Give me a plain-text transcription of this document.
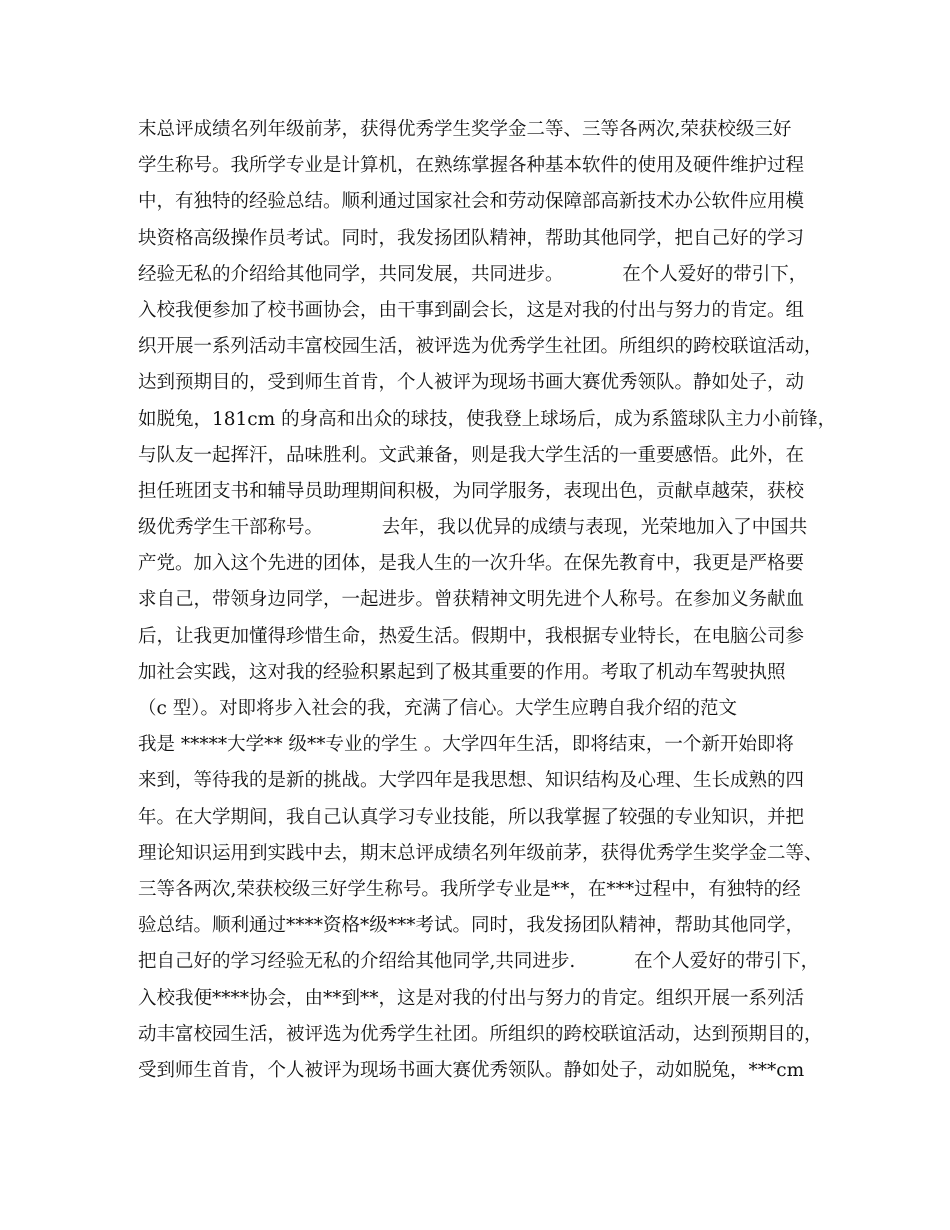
末总评成绩名列年级前茅，获得优秀学生奖学金二等、三等各两次,荣获校级三好
学生称号。我所学专业是计算机，在熟练掌握各种基本软件的使用及硬件维护过程
中，有独特的经验总结。顺利通过国家社会和劳动保障部高新技术办公软件应用模
块资格高级操作员考试。同时，我发扬团队精神，帮助其他同学，把自己好的学习
经验无私的介绍给其他同学，共同发展，共同进步。          在个人爱好的带引下，
入校我便参加了校书画协会，由干事到副会长，这是对我的付出与努力的肯定。组
织开展一系列活动丰富校园生活，被评选为优秀学生社团。所组织的跨校联谊活动，
达到预期目的，受到师生首肯，个人被评为现场书画大赛优秀领队。静如处子，动
如脱兔，181cm 的身高和出众的球技，使我登上球场后，成为系篮球队主力小前锋，
与队友一起挥汗，品味胜利。文武兼备，则是我大学生活的一重要感悟。此外，在
担任班团支书和辅导员助理期间积极，为同学服务，表现出色，贡献卓越荣，获校
级优秀学生干部称号。          去年，我以优异的成绩与表现，光荣地加入了中国共
产党。加入这个先进的团体，是我人生的一次升华。在保先教育中，我更是严格要
求自己，带领身边同学，一起进步。曾获精神文明先进个人称号。在参加义务献血
后，让我更加懂得珍惜生命，热爱生活。假期中，我根据专业特长，在电脑公司参
加社会实践，这对我的经验积累起到了极其重要的作用。考取了机动车驾驶执照
（c 型）。对即将步入社会的我，充满了信心。大学生应聘自我介绍的范文
我是 *****大学** 级**专业的学生 。大学四年生活，即将结束，一个新开始即将
来到，等待我的是新的挑战。大学四年是我思想、知识结构及心理、生长成熟的四
年。在大学期间，我自己认真学习专业技能，所以我掌握了较强的专业知识，并把
理论知识运用到实践中去，期末总评成绩名列年级前茅，获得优秀学生奖学金二等、
三等各两次,荣获校级三好学生称号。我所学专业是**，在***过程中，有独特的经
验总结。顺利通过****资格*级***考试。同时，我发扬团队精神，帮助其他同学，
把自己好的学习经验无私的介绍给其他同学,共同进步.          在个人爱好的带引下，
入校我便****协会，由**到**，这是对我的付出与努力的肯定。组织开展一系列活
动丰富校园生活，被评选为优秀学生社团。所组织的跨校联谊活动，达到预期目的，
受到师生首肯，个人被评为现场书画大赛优秀领队。静如处子，动如脱兔，***cm
